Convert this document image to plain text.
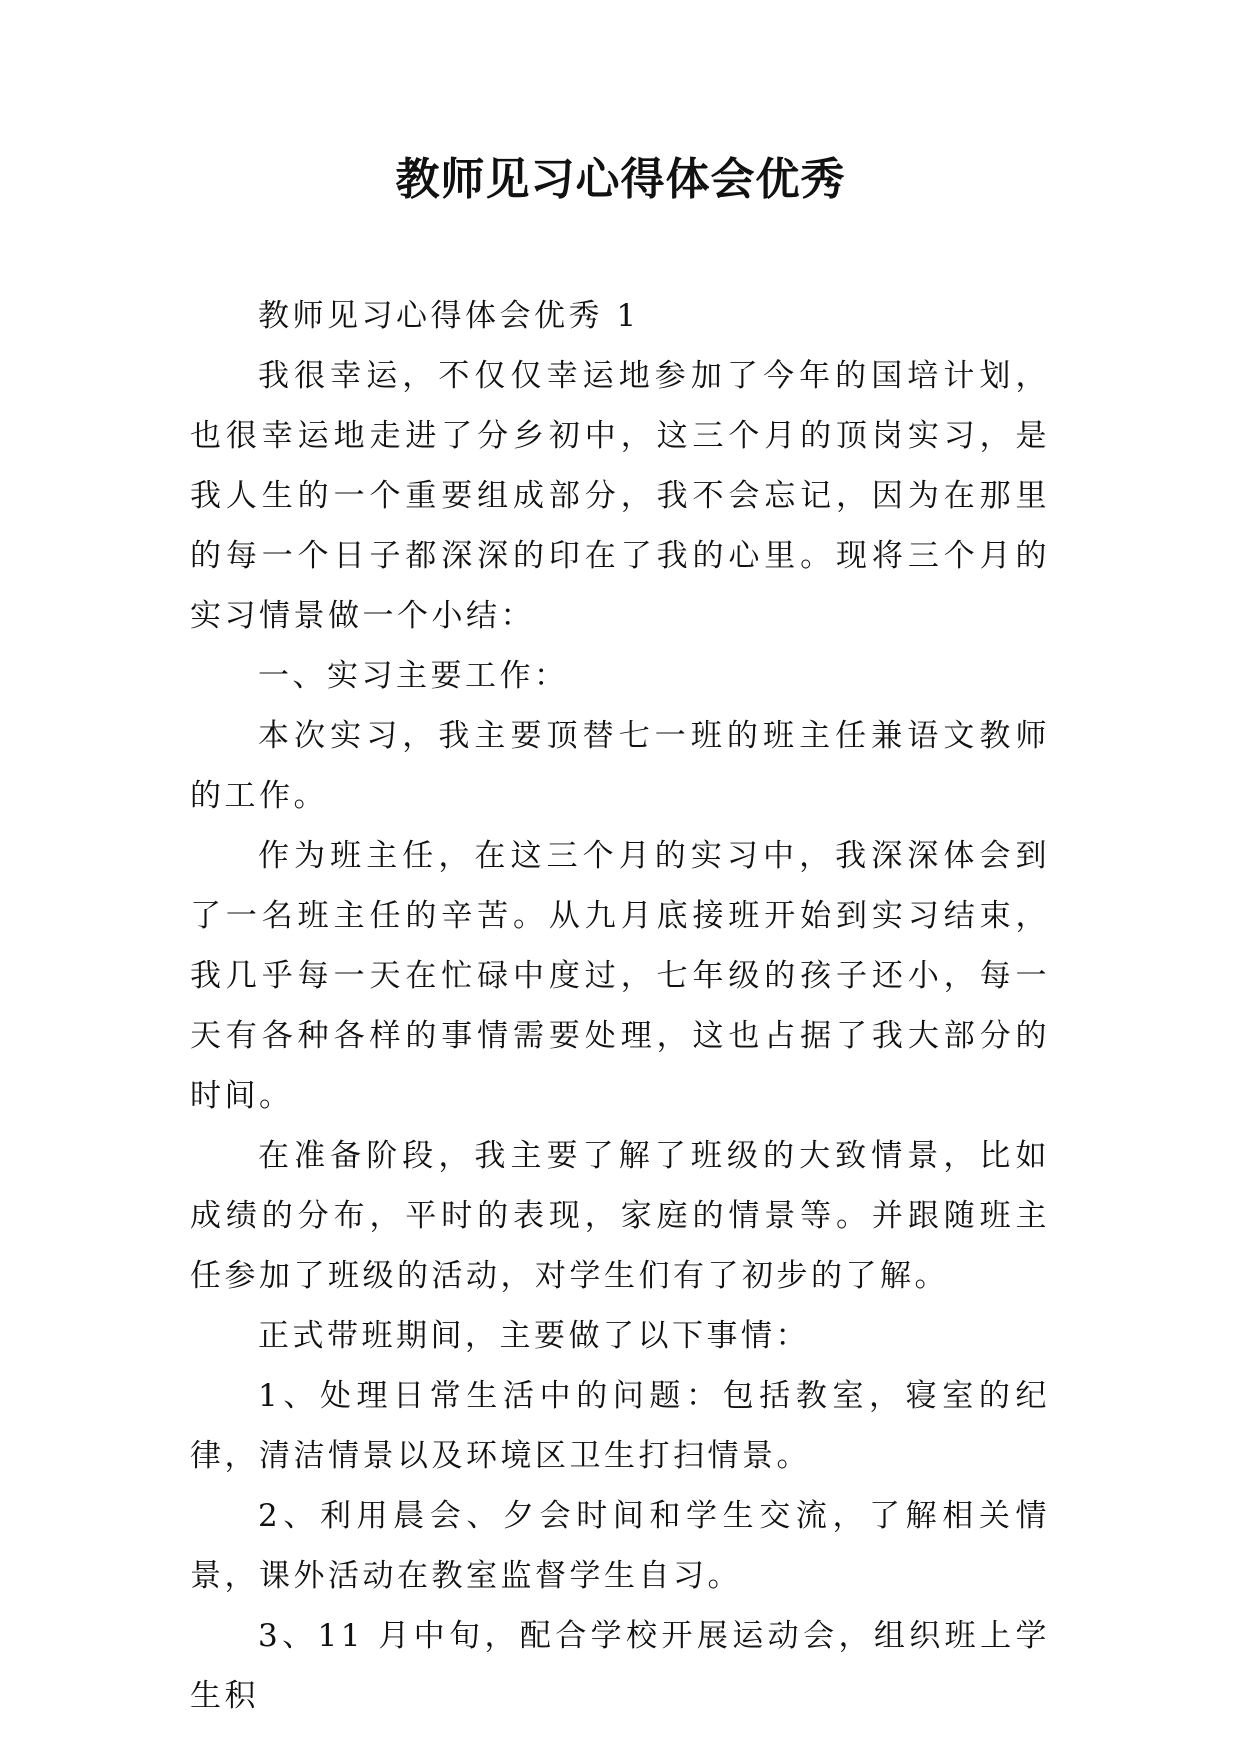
教师见习心得体会优秀

教师见习心得体会优秀 1

我很幸运，不仅仅幸运地参加了今年的国培计划，也很幸运地走进了分乡初中，这三个月的顶岗实习，是我人生的一个重要组成部分，我不会忘记，因为在那里的每一个日子都深深的印在了我的心里。现将三个月的实习情景做一个小结：

一、实习主要工作：

本次实习，我主要顶替七一班的班主任兼语文教师的工作。

作为班主任，在这三个月的实习中，我深深体会到了一名班主任的辛苦。从九月底接班开始到实习结束，我几乎每一天在忙碌中度过，七年级的孩子还小，每一天有各种各样的事情需要处理，这也占据了我大部分的时间。

在准备阶段，我主要了解了班级的大致情景，比如成绩的分布，平时的表现，家庭的情景等。并跟随班主任参加了班级的活动，对学生们有了初步的了解。

正式带班期间，主要做了以下事情：

1、处理日常生活中的问题：包括教室，寝室的纪律，清洁情景以及环境区卫生打扫情景。

2、利用晨会、夕会时间和学生交流，了解相关情景，课外活动在教室监督学生自习。

3、11 月中旬，配合学校开展运动会，组织班上学生积
